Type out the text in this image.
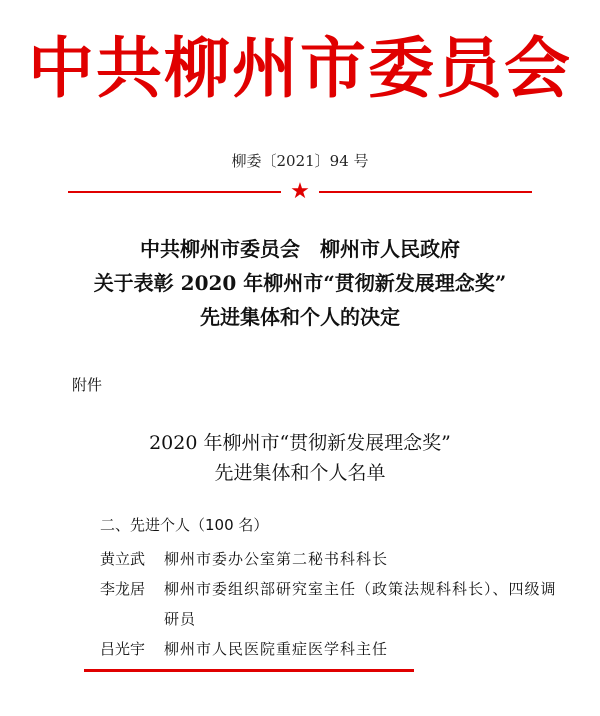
中共柳州市委员会
柳委〔2021〕94 号
★
中共柳州市委员会　柳州市人民政府
关于表彰 2020 年柳州市“贯彻新发展理念奖”
先进集体和个人的决定
附件
2020 年柳州市“贯彻新发展理念奖”
先进集体和个人名单
二、先进个人（100 名）
黄立武	柳州市委办公室第二秘书科科长
李龙居	柳州市委组织部研究室主任（政策法规科科长）、四级调研员
吕光宇	柳州市人民医院重症医学科主任
